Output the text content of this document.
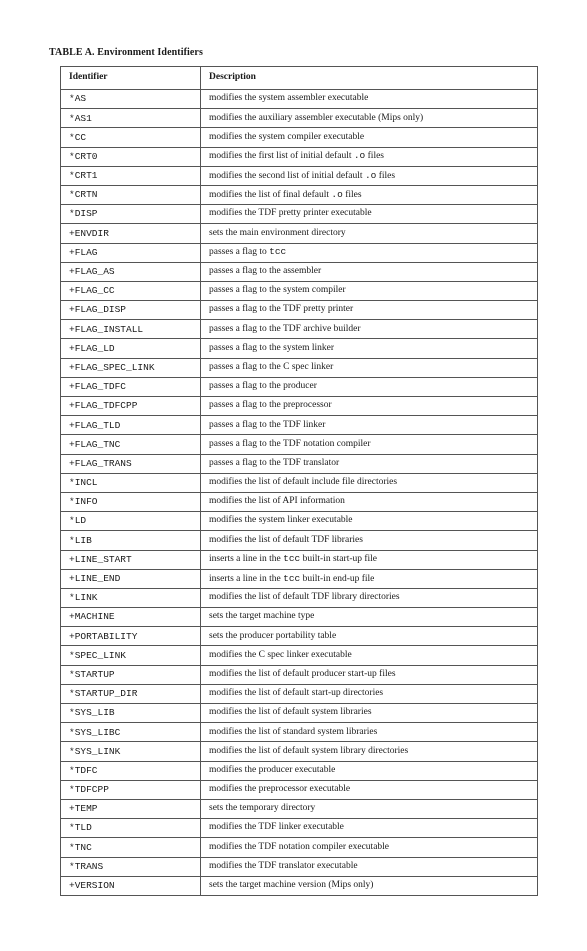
TABLE A. Environment Identifiers
Identifier	Description
*AS	modifies the system assembler executable
*AS1	modifies the auxiliary assembler executable (Mips only)
*CC	modifies the system compiler executable
*CRT0	modifies the first list of initial default .o files
*CRT1	modifies the second list of initial default .o files
*CRTN	modifies the list of final default .o files
*DISP	modifies the TDF pretty printer executable
+ENVDIR	sets the main environment directory
+FLAG	passes a flag to tcc
+FLAG_AS	passes a flag to the assembler
+FLAG_CC	passes a flag to the system compiler
+FLAG_DISP	passes a flag to the TDF pretty printer
+FLAG_INSTALL	passes a flag to the TDF archive builder
+FLAG_LD	passes a flag to the system linker
+FLAG_SPEC_LINK	passes a flag to the C spec linker
+FLAG_TDFC	passes a flag to the producer
+FLAG_TDFCPP	passes a flag to the preprocessor
+FLAG_TLD	passes a flag to the TDF linker
+FLAG_TNC	passes a flag to the TDF notation compiler
+FLAG_TRANS	passes a flag to the TDF translator
*INCL	modifies the list of default include file directories
*INFO	modifies the list of API information
*LD	modifies the system linker executable
*LIB	modifies the list of default TDF libraries
+LINE_START	inserts a line in the tcc built-in start-up file
+LINE_END	inserts a line in the tcc built-in end-up file
*LINK	modifies the list of default TDF library directories
+MACHINE	sets the target machine type
+PORTABILITY	sets the producer portability table
*SPEC_LINK	modifies the C spec linker executable
*STARTUP	modifies the list of default producer start-up files
*STARTUP_DIR	modifies the list of default start-up directories
*SYS_LIB	modifies the list of default system libraries
*SYS_LIBC	modifies the list of standard system libraries
*SYS_LINK	modifies the list of default system library directories
*TDFC	modifies the producer executable
*TDFCPP	modifies the preprocessor executable
+TEMP	sets the temporary directory
*TLD	modifies the TDF linker executable
*TNC	modifies the TDF notation compiler executable
*TRANS	modifies the TDF translator executable
+VERSION	sets the target machine version (Mips only)
